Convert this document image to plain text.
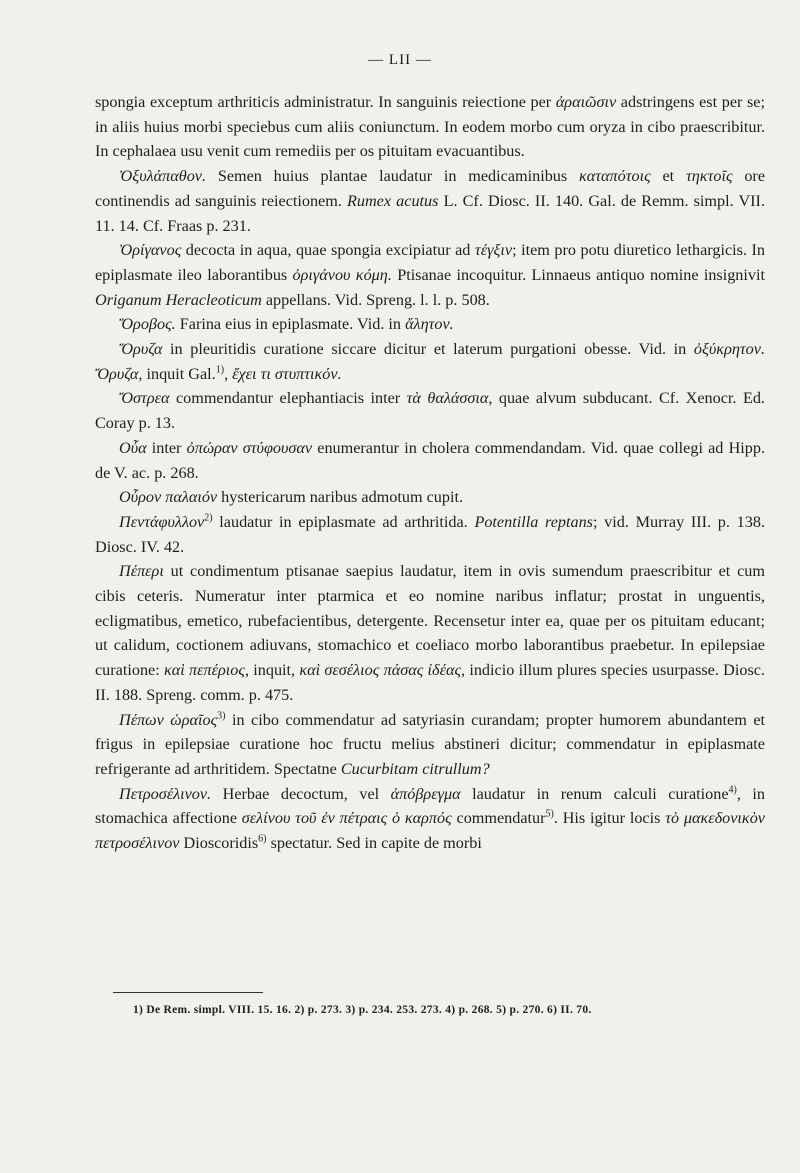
— LII —

spongia exceptum arthriticis administratur. In sanguinis reiectione per ἀραιῶσιν adstringens est per se; in aliis huius morbi speciebus cum aliis coniunctum. In eodem morbo cum oryza in cibo praescribitur. In cephalaea usu venit cum remediis per os pituitam evacuantibus.

Ὀξυλάπαθον. Semen huius plantae laudatur in medicaminibus καταπότοις et τηκτοῖς ore continendis ad sanguinis reiectionem. Rumex acutus L. Cf. Diosc. II. 140. Gal. de Remm. simpl. VII. 11. 14. Cf. Fraas p. 231.

Ὀρίγανος decocta in aqua, quae spongia excipiatur ad τέγξιν; item pro potu diuretico lethargicis. In epiplasmate ileo laborantibus ὀριγάνου κόμη. Ptisanae incoquitur. Linnaeus antiquo nomine insignivit Origanum Heracleoticum appellans. Vid. Spreng. l. l. p. 508.

Ὄροβος. Farina eius in epiplasmate. Vid. in ἄλητον.

Ὄρυζα in pleuritidis curatione siccare dicitur et laterum purgationi obesse. Vid. in ὀξύκρητον. Ὄρυζα, inquit Gal.$^{1)}$, ἔχει τι στυπτικόν.

Ὄστρεα commendantur elephantiacis inter τὰ θαλάσσια, quae alvum subducant. Cf. Xenocr. Ed. Coray p. 13.

Οὖα inter ὀπώραν στύφουσαν enumerantur in cholera commendandam. Vid. quae collegi ad Hipp. de V. ac. p. 268.

Οὖρον παλαιόν hystericarum naribus admotum cupit.

Πεντάφυλλον$^{2)}$ laudatur in epiplasmate ad arthritida. Potentilla reptans; vid. Murray III. p. 138. Diosc. IV. 42.

Πέπερι ut condimentum ptisanae saepius laudatur, item in ovis sumendum praescribitur et cum cibis ceteris. Numeratur inter ptarmica et eo nomine naribus inflatur; prostat in unguentis, ecligmatibus, emetico, rubefacientibus, detergente. Recensetur inter ea, quae per os pituitam educant; ut calidum, coctionem adiuvans, stomachico et coeliaco morbo laborantibus praebetur. In epilepsiae curatione: καὶ πεπέριος, inquit, καὶ σεσέλιος πάσας ἰδέας, indicio illum plures species usurpasse. Diosc. II. 188. Spreng. comm. p. 475.

Πέπων ὡραῖος$^{3)}$ in cibo commendatur ad satyriasin curandam; propter humorem abundantem et frigus in epilepsiae curatione hoc fructu melius abstineri dicitur; commendatur in epiplasmate refrigerante ad arthritidem. Spectatne Cucurbitam citrullum?

Πετροσέλινον. Herbae decoctum, vel ἀπόβρεγμα laudatur in renum calculi curatione$^{4)}$, in stomachica affectione σελίνου τοῦ ἐν πέτραις ὁ καρπός commendatur$^{5)}$. His igitur locis τὸ μακεδονικὸν πετροσέλινον Dioscoridis$^{6)}$ spectatur. Sed in capite de morbi

1) De Rem. simpl. VIII. 15. 16. 2) p. 273. 3) p. 234. 253. 273. 4) p. 268. 5) p. 270. 6) II. 70.
